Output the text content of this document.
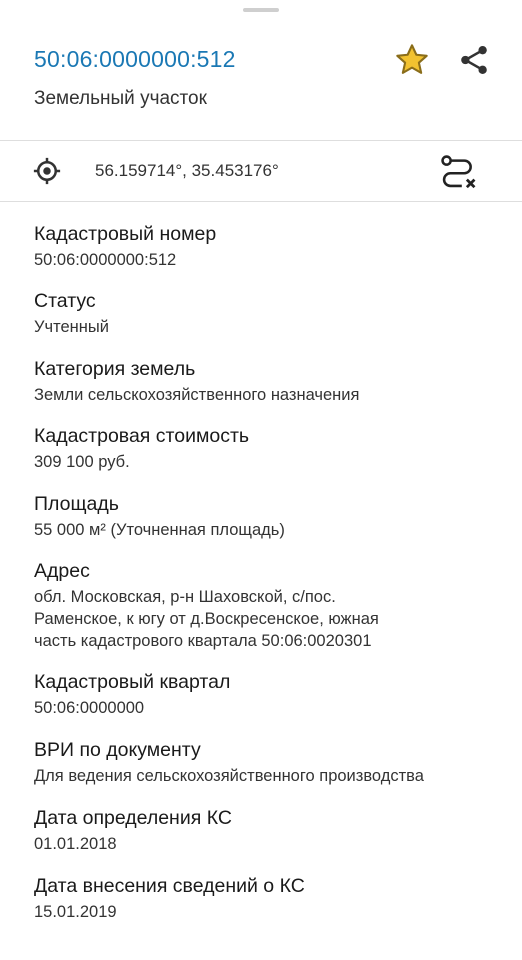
50:06:0000000:512
Земельный участок
56.159714°, 35.453176°
Кадастровый номер
50:06:0000000:512
Статус
Учтенный
Категория земель
Земли сельскохозяйственного назначения
Кадастровая стоимость
309 100 руб.
Площадь
55 000 м² (Уточненная площадь)
Адрес
обл. Московская, р-н Шаховской, с/пос.
Раменское, к югу от д.Воскресенское, южная
часть кадастрового квартала 50:06:0020301
Кадастровый квартал
50:06:0000000
ВРИ по документу
Для ведения сельскохозяйственного производства
Дата определения КС
01.01.2018
Дата внесения сведений о КС
15.01.2019
